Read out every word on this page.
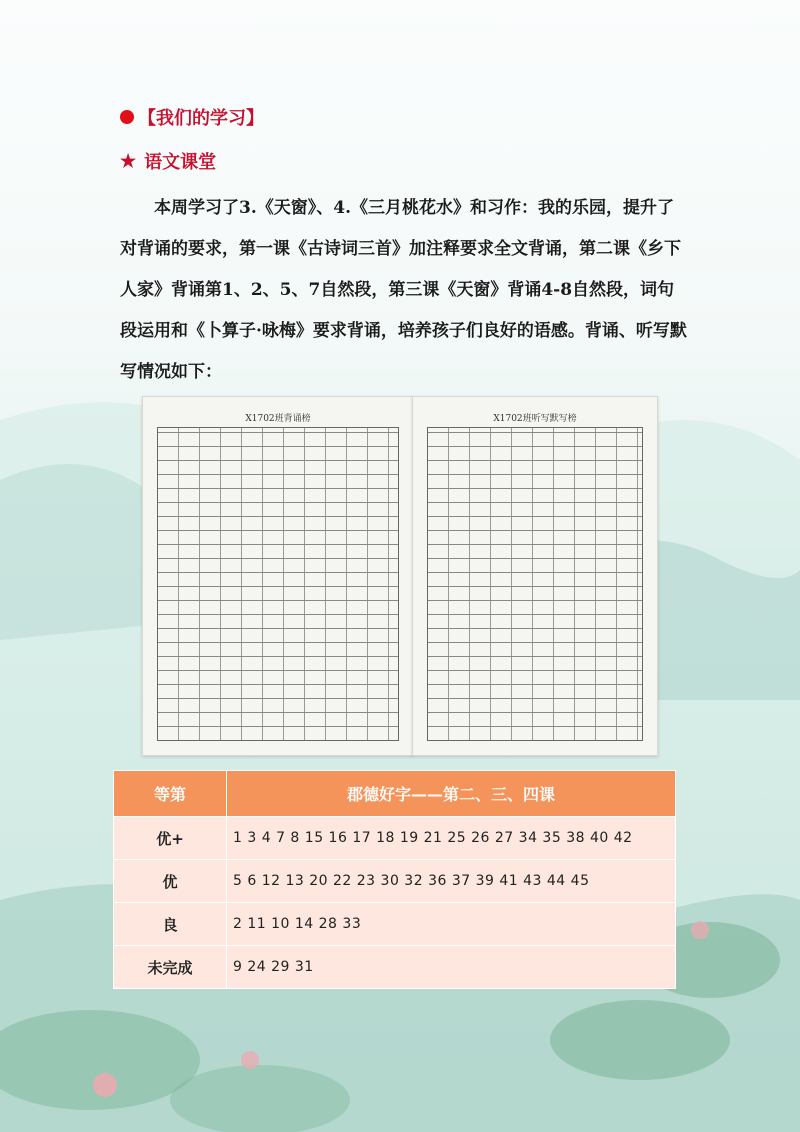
【我们的学习】
★ 语文课堂
本周学习了3.《天窗》、4.《三月桃花水》和习作：我的乐园，提升了对背诵的要求，第一课《古诗词三首》加注释要求全文背诵，第二课《乡下人家》背诵第1、2、5、7自然段，第三课《天窗》背诵4-8自然段，词句段运用和《卜算子·咏梅》要求背诵，培养孩子们良好的语感。背诵、听写默写情况如下：
X1702班背诵榜	X1702班听写默写榜
等第	郡德好字——第二、三、四课
优+	1 3 4 7 8 15 16 17 18 19 21 25 26 27 34 35 38 40 42
优	5 6 12 13 20 22 23 30 32 36 37 39 41 43 44 45
良	2 11 10 14 28 33
未完成	9 24 29 31
